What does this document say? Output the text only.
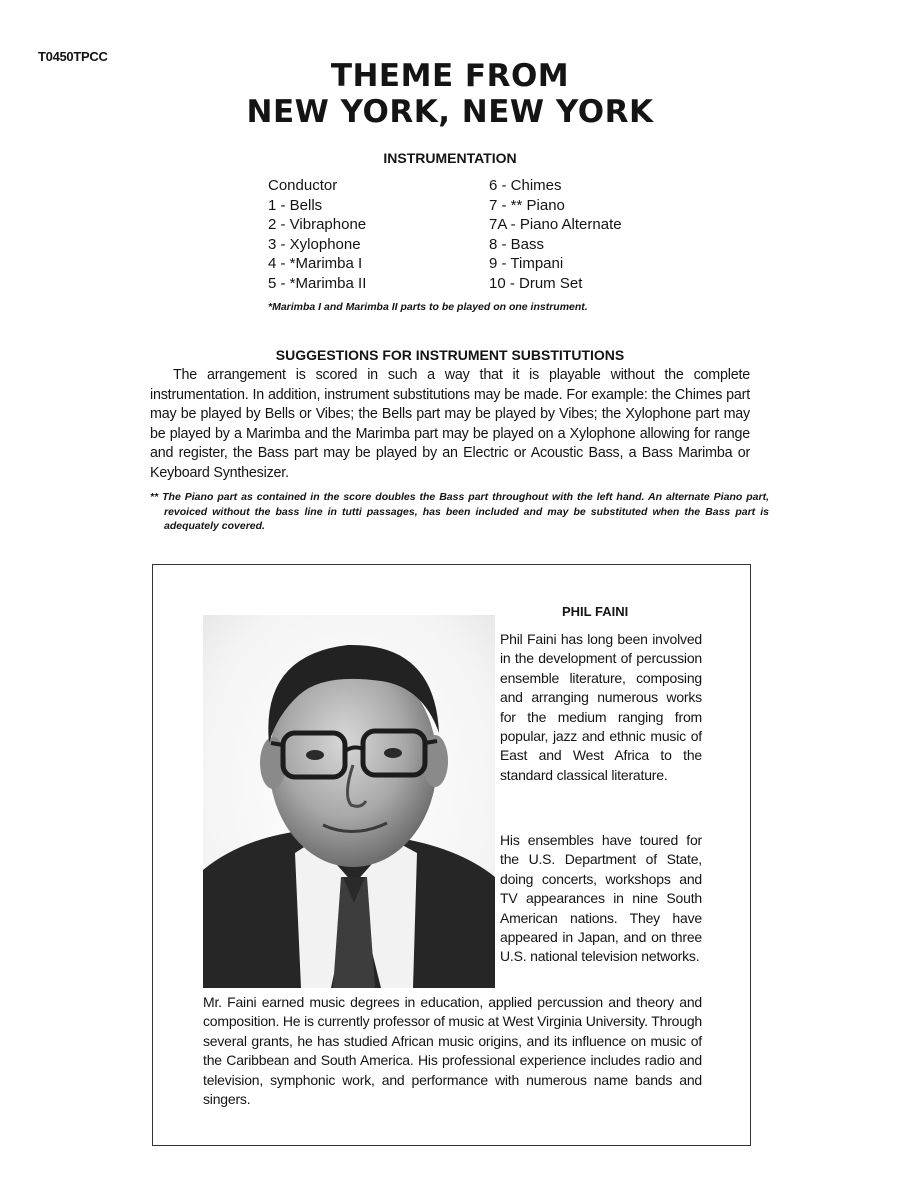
T0450TPCC
THEME FROM
NEW YORK, NEW YORK
INSTRUMENTATION
Conductor
1 - Bells
2 - Vibraphone
3 - Xylophone
4 - *Marimba I
5 - *Marimba II
6 - Chimes
7 - ** Piano
7A - Piano Alternate
8 - Bass
9 - Timpani
10 - Drum Set
*Marimba I and Marimba II parts to be played on one instrument.
SUGGESTIONS FOR INSTRUMENT SUBSTITUTIONS

The arrangement is scored in such a way that it is playable without the complete instrumentation. In addition, instrument substitutions may be made. For example: the Chimes part may be played by Bells or Vibes; the Bells part may be played by Vibes; the Xylophone part may be played by a Marimba and the Marimba part may be played on a Xylophone allowing for range and register, the Bass part may be played by an Electric or Acoustic Bass, a Bass Marimba or Keyboard Synthesizer.

** The Piano part as contained in the score doubles the Bass part throughout with the left hand. An alternate Piano part, revoiced without the bass line in tutti passages, has been included and may be substituted when the Bass part is adequately covered.

PHIL FAINI

Phil Faini has long been involved in the development of percussion ensemble literature, composing and arranging numerous works for the medium ranging from popular, jazz and ethnic music of East and West Africa to the standard classical literature.

His ensembles have toured for the U.S. Department of State, doing concerts, workshops and TV appearances in nine South American nations. They have appeared in Japan, and on three U.S. national television networks.

Mr. Faini earned music degrees in education, applied percussion and theory and composition. He is currently professor of music at West Virginia University. Through several grants, he has studied African music origins, and its influence on music of the Caribbean and South America. His professional experience includes radio and television, symphonic work, and performance with numerous name bands and singers.
